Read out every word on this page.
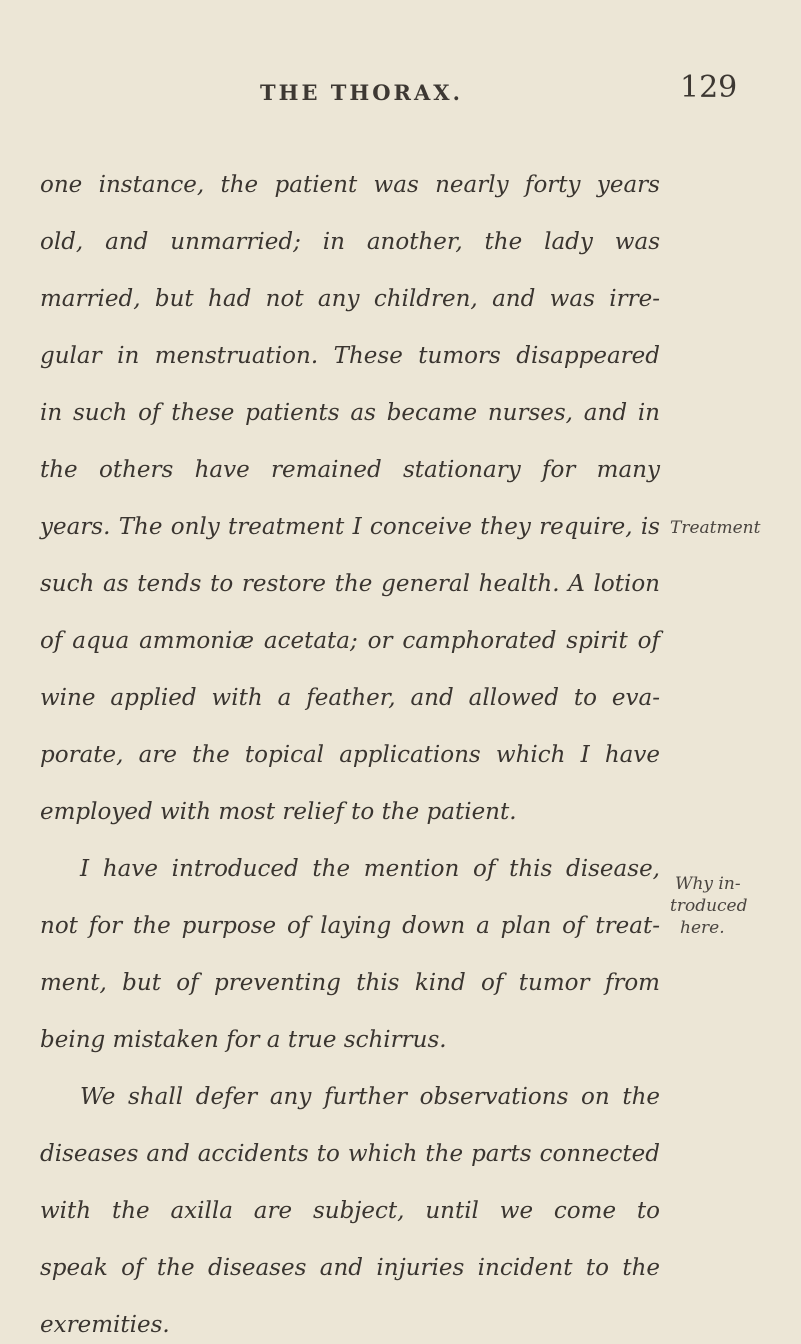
THE THORAX.	129
one instance, the patient was nearly forty years
old, and unmarried; in another, the lady was
married, but had not any children, and was irre-
gular in menstruation. These tumors disappeared
in such of these patients as became nurses, and in
the others have remained stationary for many
years. The only treatment I conceive they require, is
such as tends to restore the general health. A lotion
of aqua ammoniæ acetata; or camphorated spirit of
wine applied with a feather, and allowed to eva-
porate, are the topical applications which I have
employed with most relief to the patient.
I have introduced the mention of this disease,
not for the purpose of laying down a plan of treat-
ment, but of preventing this kind of tumor from
being mistaken for a true schirrus.
We shall defer any further observations on the
diseases and accidents to which the parts connected
with the axilla are subject, until we come to
speak of the diseases and injuries incident to the
exremities.
Treatment
Why in-
troduced
here.
